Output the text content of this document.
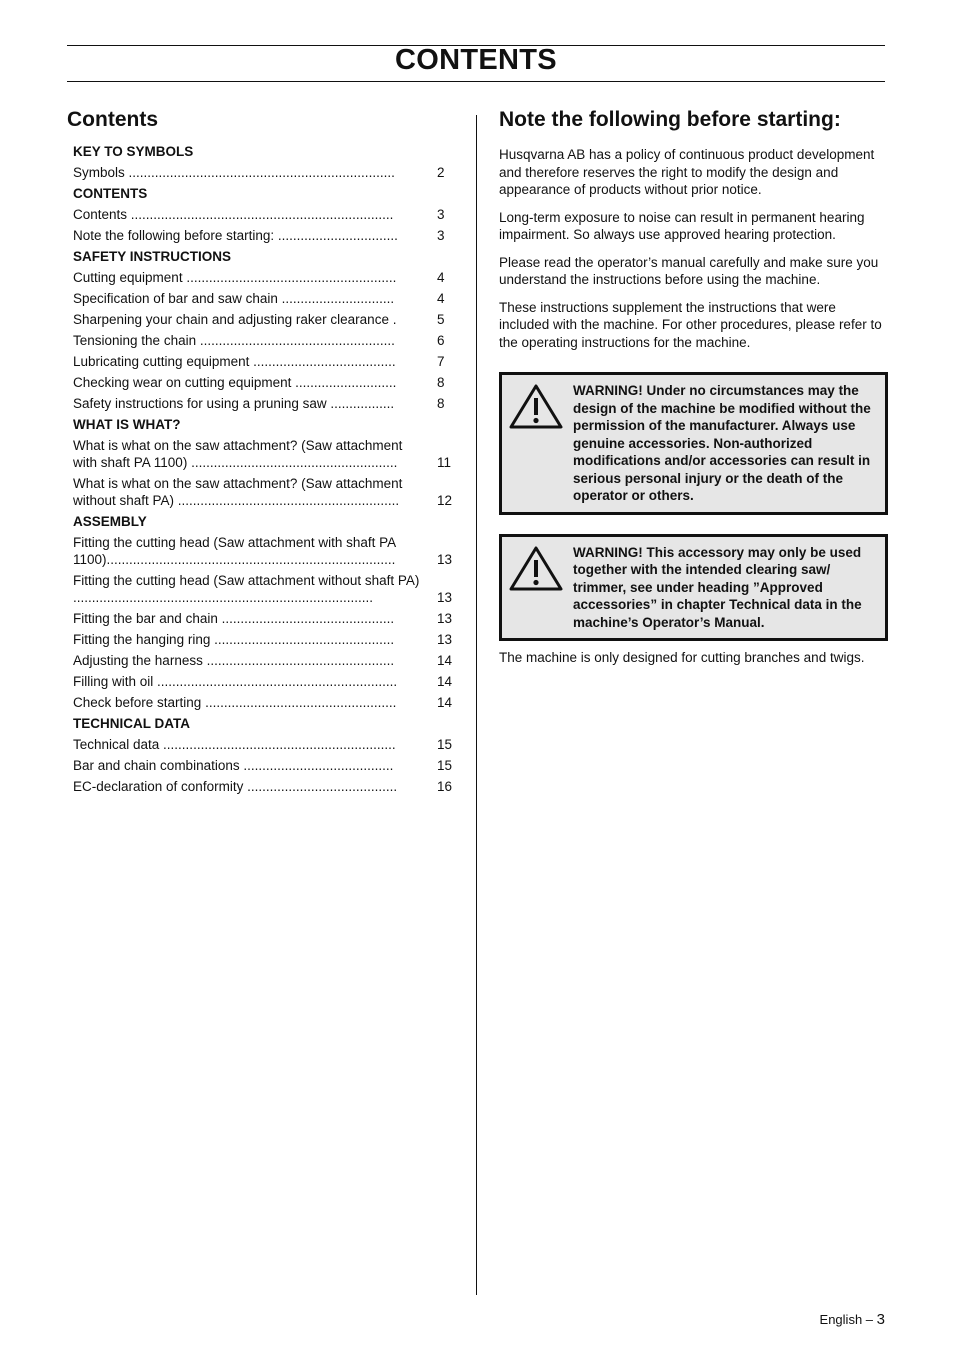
CONTENTS
Contents	Note the following before starting:
KEY TO SYMBOLS
Symbols .......................................................................	2
CONTENTS
Contents ......................................................................	3
Note the following before starting: ................................	3
SAFETY INSTRUCTIONS
Cutting equipment ........................................................	4
Specification of bar and saw chain ..............................	4
Sharpening your chain and adjusting raker clearance .	5
Tensioning the chain ....................................................	6
Lubricating cutting equipment ......................................	7
Checking wear on cutting equipment ...........................	8
Safety instructions for using a pruning saw .................	8
WHAT IS WHAT?
What is what on the saw attachment? (Saw attachment with shaft PA 1100) .......................................................	11
What is what on the saw attachment? (Saw attachment without shaft PA) ...........................................................	12
ASSEMBLY
Fitting the cutting head (Saw attachment with shaft PA 1100).............................................................................	13
Fitting the cutting head (Saw attachment without shaft PA) ................................................................................	13
Fitting the bar and chain ..............................................	13
Fitting the hanging ring ................................................	13
Adjusting the harness ..................................................	14
Filling with oil ................................................................	14
Check before starting ...................................................	14
TECHNICAL DATA
Technical data ..............................................................	15
Bar and chain combinations ........................................	15
EC-declaration of conformity ........................................	16

Husqvarna AB has a policy of continuous product development and therefore reserves the right to modify the design and appearance of products without prior notice.

Long-term exposure to noise can result in permanent hearing impairment. So always use approved hearing protection.

Please read the operator’s manual carefully and make sure you understand the instructions before using the machine.

These instructions supplement the instructions that were included with the machine. For other procedures, please refer to the operating instructions for the machine.

WARNING! Under no circumstances may the design of the machine be modified without the permission of the manufacturer. Always use genuine accessories. Non-authorized modifications and/or accessories can result in serious personal injury or the death of the operator or others.
WARNING! This accessory may only be used together with the intended clearing saw/ trimmer, see under heading ”Approved accessories” in chapter Technical data in the machine’s Operator’s Manual.

The machine is only designed for cutting branches and twigs.

English – 3
